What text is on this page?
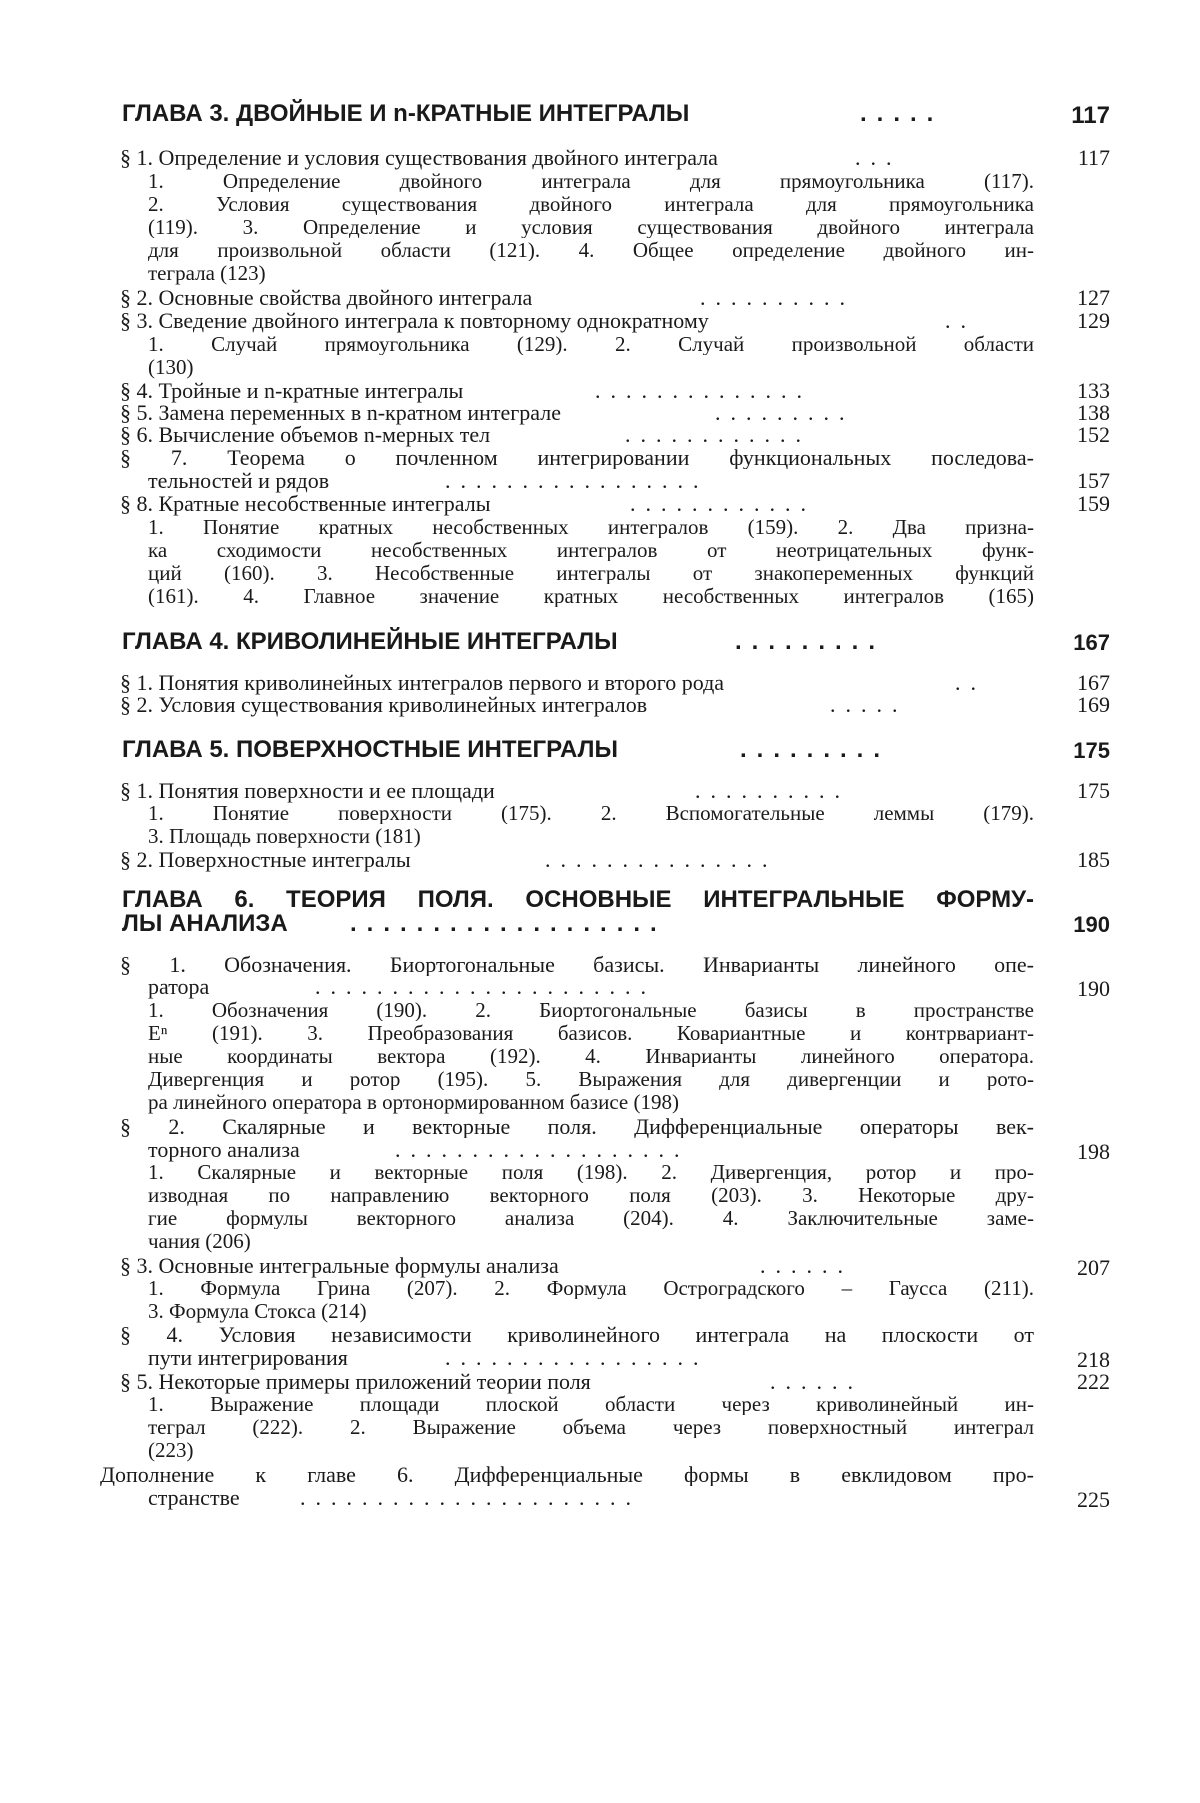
ГЛАВА 3. ДВОЙНЫЕ И n-КРАТНЫЕ ИНТЕГРАЛЫ	.....	117
§ 1. Определение и условия существования двойного интеграла	...	117
1. Определение двойного интеграла для прямоугольника (117).
2. Условия существования двойного интеграла для прямоугольника
(119). 3. Определение и условия существования двойного интеграла
для произвольной области (121). 4. Общее определение двойного ин-
теграла (123)
§ 2. Основные свойства двойного интеграла	..........	127
§ 3. Сведение двойного интеграла к повторному однократному	..	129
1. Случай прямоугольника (129). 2. Случай произвольной области
(130)
§ 4. Тройные и n-кратные интегралы	..............	133
§ 5. Замена переменных в n-кратном интеграле	.........	138
§ 6. Вычисление объемов n-мерных тел	............	152
§ 7. Теорема о почленном интегрировании функциональных последова-
тельностей и рядов	.................	157
§ 8. Кратные несобственные интегралы	............	159
1. Понятие кратных несобственных интегралов (159). 2. Два призна-
ка сходимости несобственных интегралов от неотрицательных функ-
ций (160). 3. Несобственные интегралы от знакопеременных функций
(161). 4. Главное значение кратных несобственных интегралов (165)
ГЛАВА 4. КРИВОЛИНЕЙНЫЕ ИНТЕГРАЛЫ	.........	167
§ 1. Понятия криволинейных интегралов первого и второго рода	..	167
§ 2. Условия существования криволинейных интегралов	.....	169
ГЛАВА 5. ПОВЕРХНОСТНЫЕ ИНТЕГРАЛЫ	.........	175
§ 1. Понятия поверхности и ее площади	..........	175
1. Понятие поверхности (175). 2. Вспомогательные леммы (179).
3. Площадь поверхности (181)
§ 2. Поверхностные интегралы	...............	185
ГЛАВА 6. ТЕОРИЯ ПОЛЯ. ОСНОВНЫЕ ИНТЕГРАЛЬНЫЕ ФОРМУ-
ЛЫ АНАЛИЗА	...................	190
§ 1. Обозначения. Биортогональные базисы. Инварианты линейного опе-
ратора	......................	190
1. Обозначения (190). 2. Биортогональные базисы в пространстве
Eⁿ (191). 3. Преобразования базисов. Ковариантные и контрвариант-
ные координаты вектора (192). 4. Инварианты линейного оператора.
Дивергенция и ротор (195). 5. Выражения для дивергенции и рото-
ра линейного оператора в ортонормированном базисе (198)
§ 2. Скалярные и векторные поля. Дифференциальные операторы век-
торного анализа	...................	198
1. Скалярные и векторные поля (198). 2. Дивергенция, ротор и про-
изводная по направлению векторного поля (203). 3. Некоторые дру-
гие формулы векторного анализа (204). 4. Заключительные заме-
чания (206)
§ 3. Основные интегральные формулы анализа	......	207
1. Формула Грина (207). 2. Формула Остроградского – Гаусса (211).
3. Формула Стокса (214)
§ 4. Условия независимости криволинейного интеграла на плоскости от
пути интегрирования	.................	218
§ 5. Некоторые примеры приложений теории поля	......	222
1. Выражение площади плоской области через криволинейный ин-
теграл (222). 2. Выражение объема через поверхностный интеграл
(223)
Дополнение к главе 6. Дифференциальные формы в евклидовом про-
странстве	......................	225
